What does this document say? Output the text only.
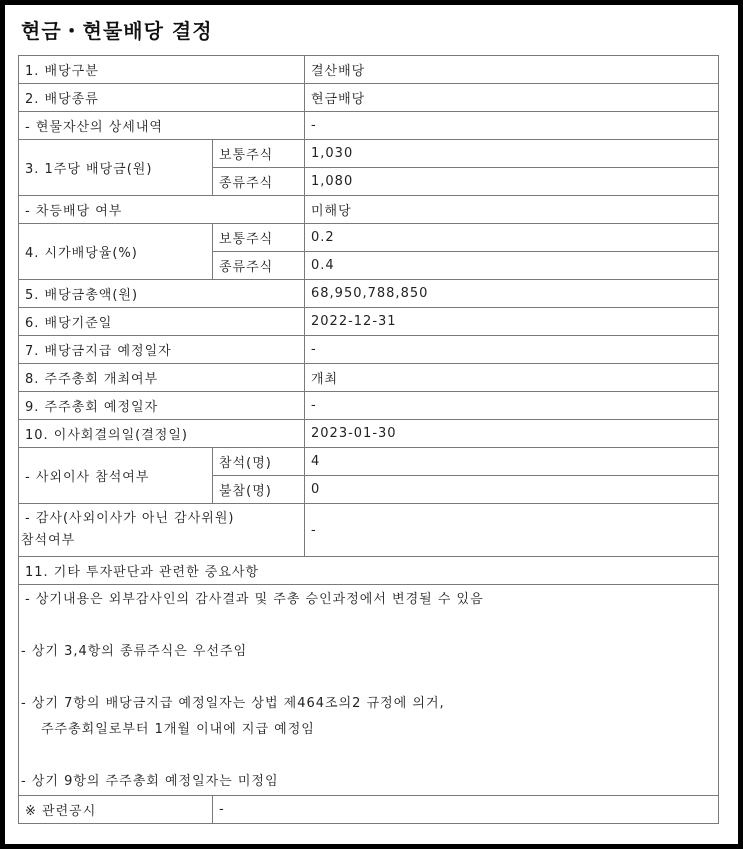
현금・현물배당 결정
1. 배당구분		결산배당
2. 배당종류		현금배당
- 현물자산의 상세내역		-
3. 1주당 배당금(원)	보통주식	1,030
	종류주식	1,080
- 차등배당 여부		미해당
4. 시가배당율(%)	보통주식	0.2
	종류주식	0.4
5. 배당금총액(원)		68,950,788,850
6. 배당기준일		2022-12-31
7. 배당금지급 예정일자		-
8. 주주총회 개최여부		개최
9. 주주총회 예정일자		-
10. 이사회결의일(결정일)		2023-01-30
- 사외이사 참석여부	참석(명)	4
	불참(명)	0
- 감사(사외이사가 아닌 감사위원)
참석여부		-
11. 기타 투자판단과 관련한 중요사항		

- 상기내용은 외부감사인의 감사결과 및 주총 승인과정에서 변경될 수 있음
- 상기 3,4항의 종류주식은 우선주임
- 상기 7항의 배당금지급 예정일자는 상법 제464조의2 규정에 의거,
주주총회일로부터 1개월 이내에 지급 예정임
- 상기 9항의 주주총회 예정일자는 미정임		

※ 관련공시	-	
